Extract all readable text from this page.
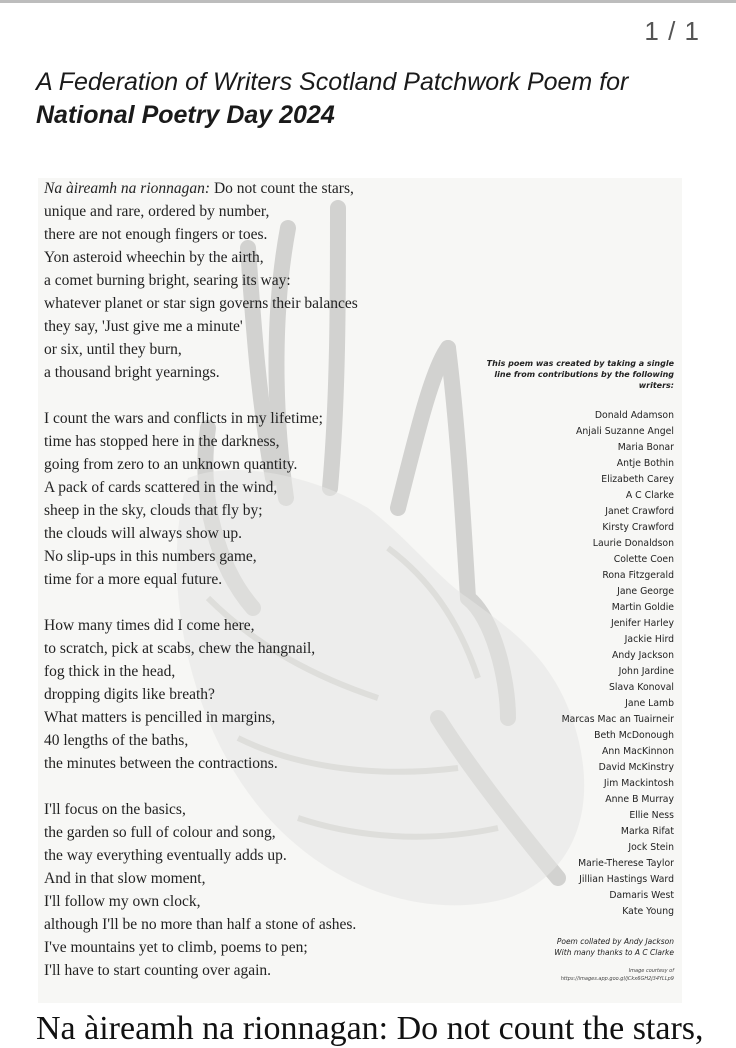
1 / 1
A Federation of Writers Scotland Patchwork Poem for
National Poetry Day 2024
Na àireamh na rionnagan: Do not count the stars,
unique and rare, ordered by number,
there are not enough fingers or toes.
Yon asteroid wheechin by the airth,
a comet burning bright, searing its way:
whatever planet or star sign governs their balances
they say, 'Just give me a minute'
or six, until they burn,
a thousand bright yearnings.
I count the wars and conflicts in my lifetime;
time has stopped here in the darkness,
going from zero to an unknown quantity.
A pack of cards scattered in the wind,
sheep in the sky, clouds that fly by;
the clouds will always show up.
No slip-ups in this numbers game,
time for a more equal future.
How many times did I come here,
to scratch, pick at scabs, chew the hangnail,
fog thick in the head,
dropping digits like breath?
What matters is pencilled in margins,
40 lengths of the baths,
the minutes between the contractions.
I'll focus on the basics,
the garden so full of colour and song,
the way everything eventually adds up.
And in that slow moment,
I'll follow my own clock,
although I'll be no more than half a stone of ashes.
I've mountains yet to climb, poems to pen;
I'll have to start counting over again.
This poem was created by taking a single line from contributions by the following writers:
Donald Adamson
Anjali Suzanne Angel
Maria Bonar
Antje Bothin
Elizabeth Carey
A C Clarke
Janet Crawford
Kirsty Crawford
Laurie Donaldson
Colette Coen
Rona Fitzgerald
Jane George
Martin Goldie
Jenifer Harley
Jackie Hird
Andy Jackson
John Jardine
Slava Konoval
Jane Lamb
Marcas Mac an Tuairneir
Beth McDonough
Ann MacKinnon
David McKinstry
Jim Mackintosh
Anne B Murray
Ellie Ness
Marka Rifat
Jock Stein
Marie-Therese Taylor
Jillian Hastings Ward
Damaris West
Kate Young
Poem collated by Andy Jackson
With many thanks to A C Clarke
Image courtesy of
https://images.app.goo.gl/jCkx6GH2j34YLLp9
Na àireamh na rionnagan: Do not count the stars,
